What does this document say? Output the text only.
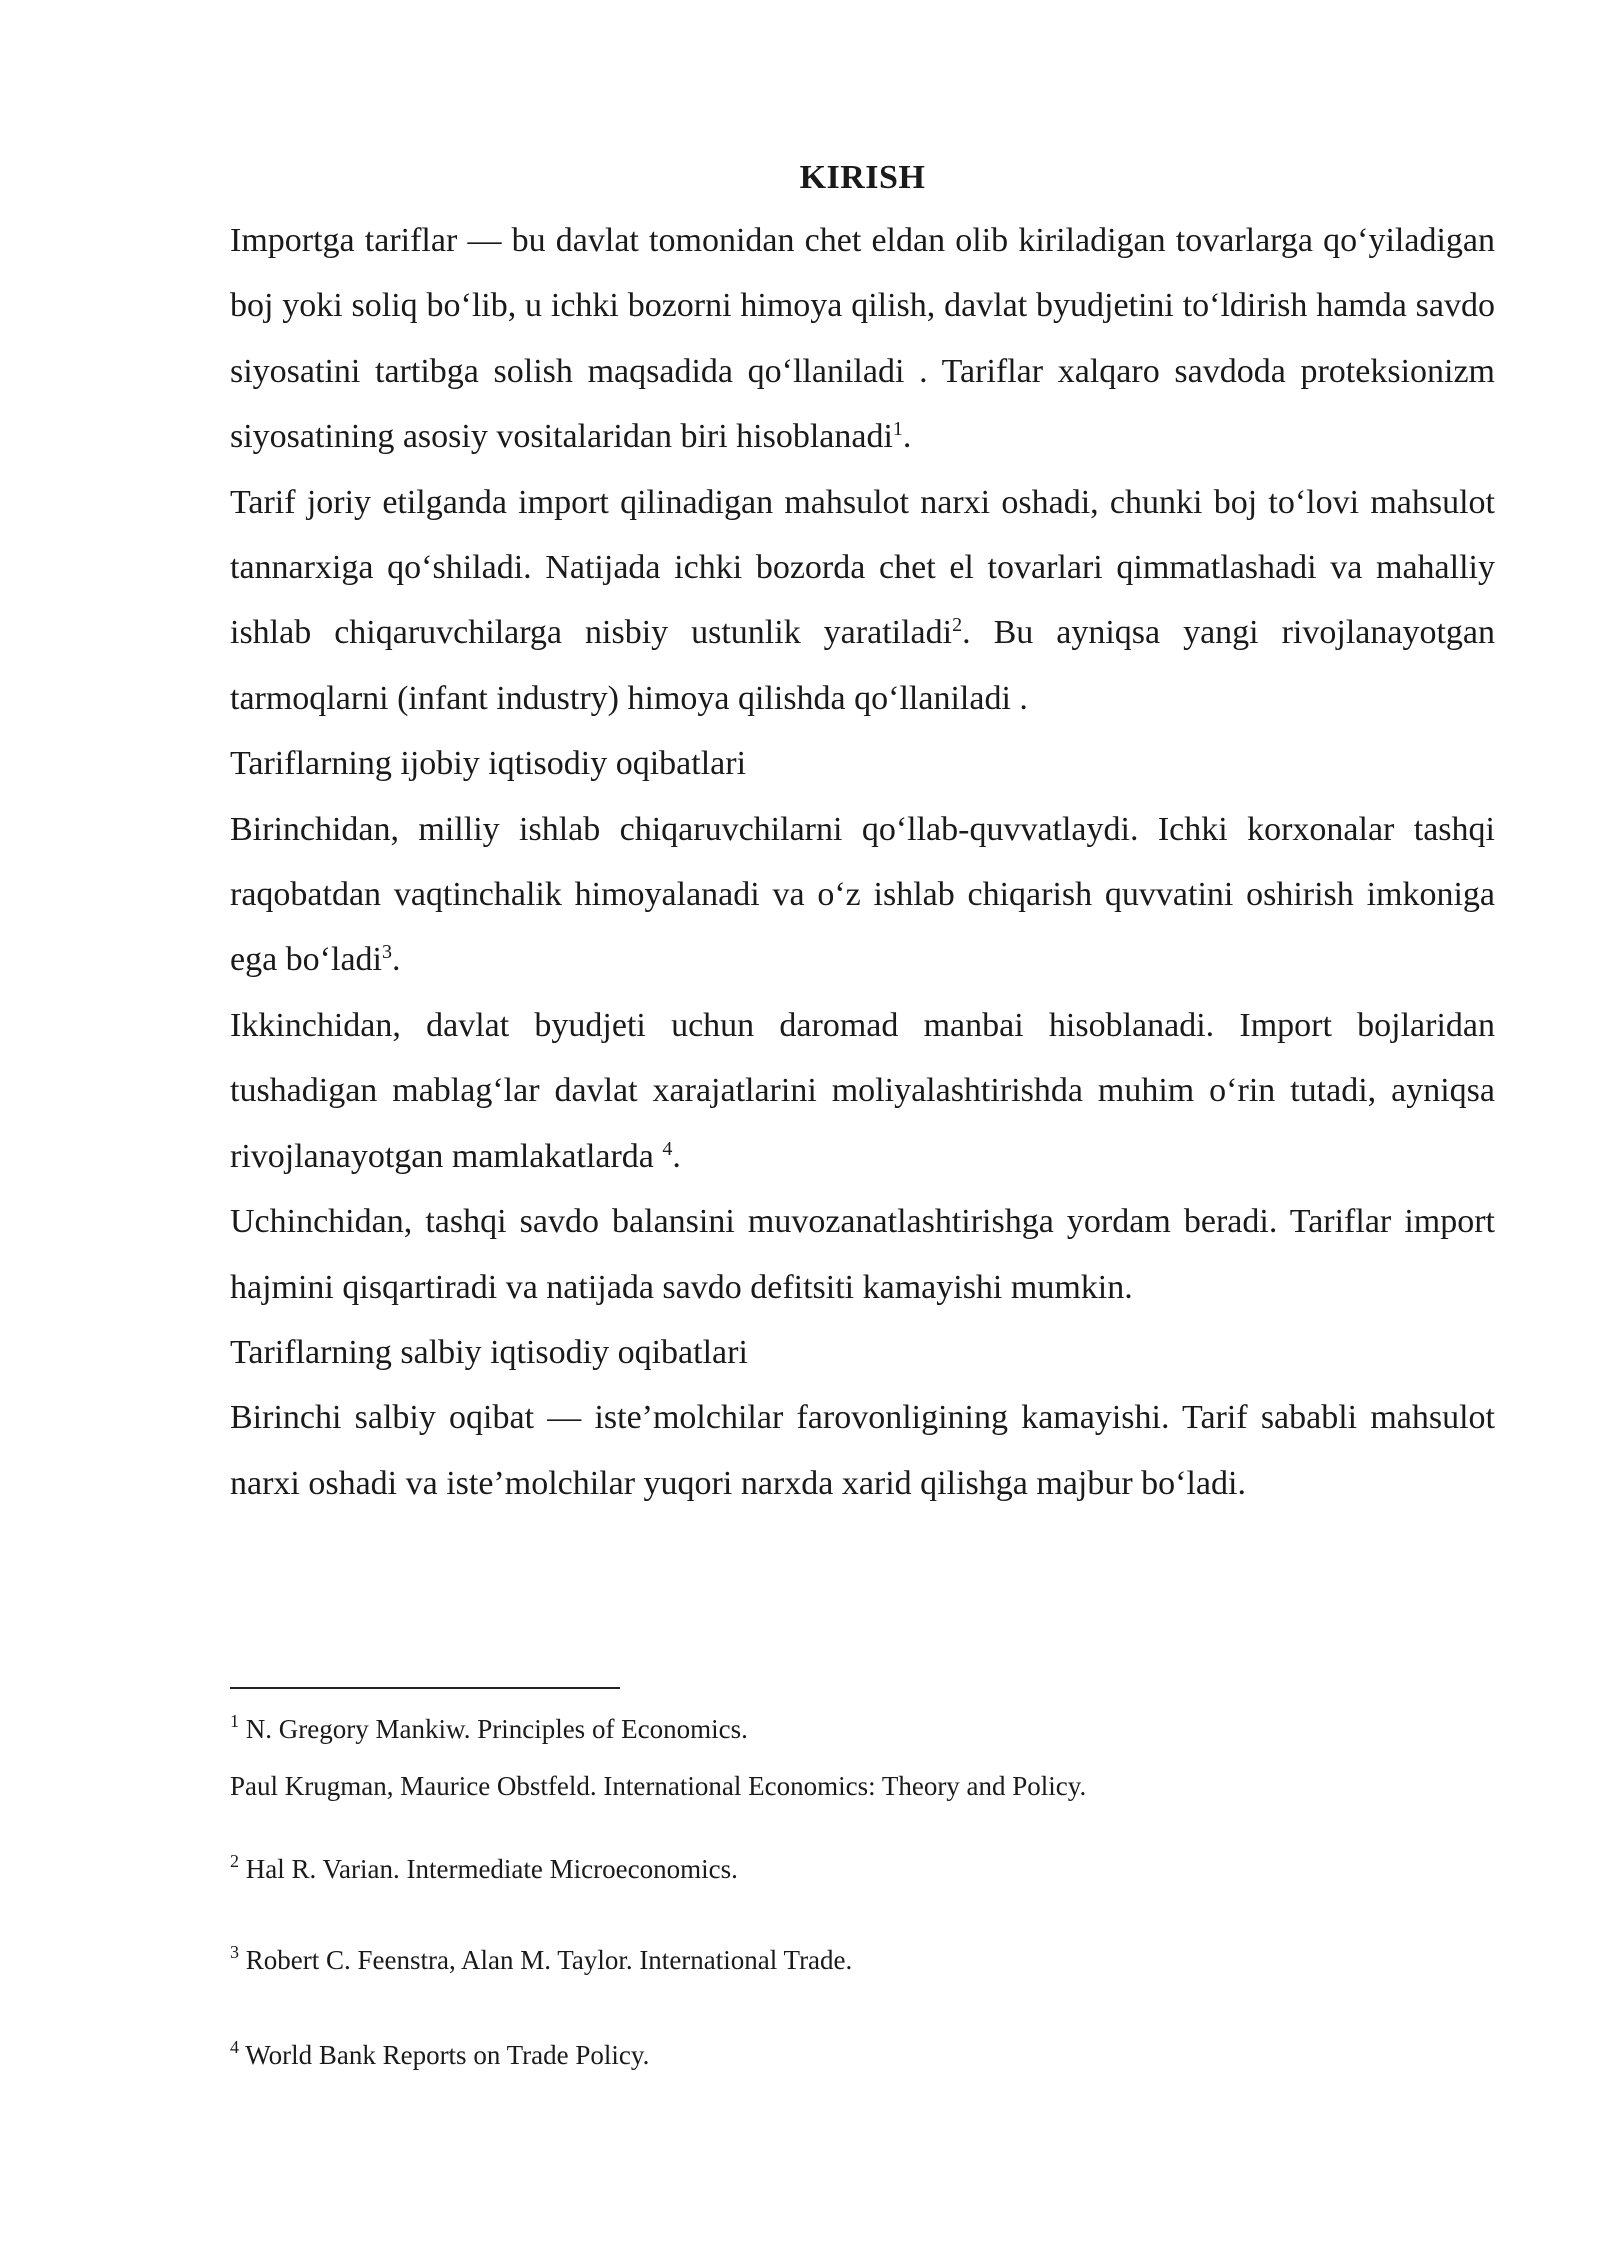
KIRISH

Importga tariflar — bu davlat tomonidan chet eldan olib kiriladigan tovarlarga qo‘yiladigan boj yoki soliq bo‘lib, u ichki bozorni himoya qilish, davlat byudjetini to‘ldirish hamda savdo siyosatini tartibga solish maqsadida qo‘llaniladi . Tariflar xalqaro savdoda proteksionizm siyosatining asosiy vositalaridan biri hisoblanadi$^1$.

Tarif joriy etilganda import qilinadigan mahsulot narxi oshadi, chunki boj to‘lovi mahsulot tannarxiga qo‘shiladi. Natijada ichki bozorda chet el tovarlari qimmatlashadi va mahalliy ishlab chiqaruvchilarga nisbiy ustunlik yaratiladi$^2$. Bu ayniqsa yangi rivojlanayotgan tarmoqlarni (infant industry) himoya qilishda qo‘llaniladi .

Tariflarning ijobiy iqtisodiy oqibatlari

Birinchidan, milliy ishlab chiqaruvchilarni qo‘llab-quvvatlaydi. Ichki korxonalar tashqi raqobatdan vaqtinchalik himoyalanadi va o‘z ishlab chiqarish quvvatini oshirish imkoniga ega bo‘ladi$^3$.

Ikkinchidan, davlat byudjeti uchun daromad manbai hisoblanadi. Import bojlaridan tushadigan mablag‘lar davlat xarajatlarini moliyalashtirishda muhim o‘rin tutadi, ayniqsa rivojlanayotgan mamlakatlarda $^4$.

Uchinchidan, tashqi savdo balansini muvozanatlashtirishga yordam beradi. Tariflar import hajmini qisqartiradi va natijada savdo defitsiti kamayishi mumkin.

Tariflarning salbiy iqtisodiy oqibatlari

Birinchi salbiy oqibat — iste’molchilar farovonligining kamayishi. Tarif sababli mahsulot narxi oshadi va iste’molchilar yuqori narxda xarid qilishga majbur bo‘ladi.

$^1$ N. Gregory Mankiw. Principles of Economics.

Paul Krugman, Maurice Obstfeld. International Economics: Theory and Policy.

$^2$ Hal R. Varian. Intermediate Microeconomics.

$^3$ Robert C. Feenstra, Alan M. Taylor. International Trade.

$^4$ World Bank Reports on Trade Policy.
